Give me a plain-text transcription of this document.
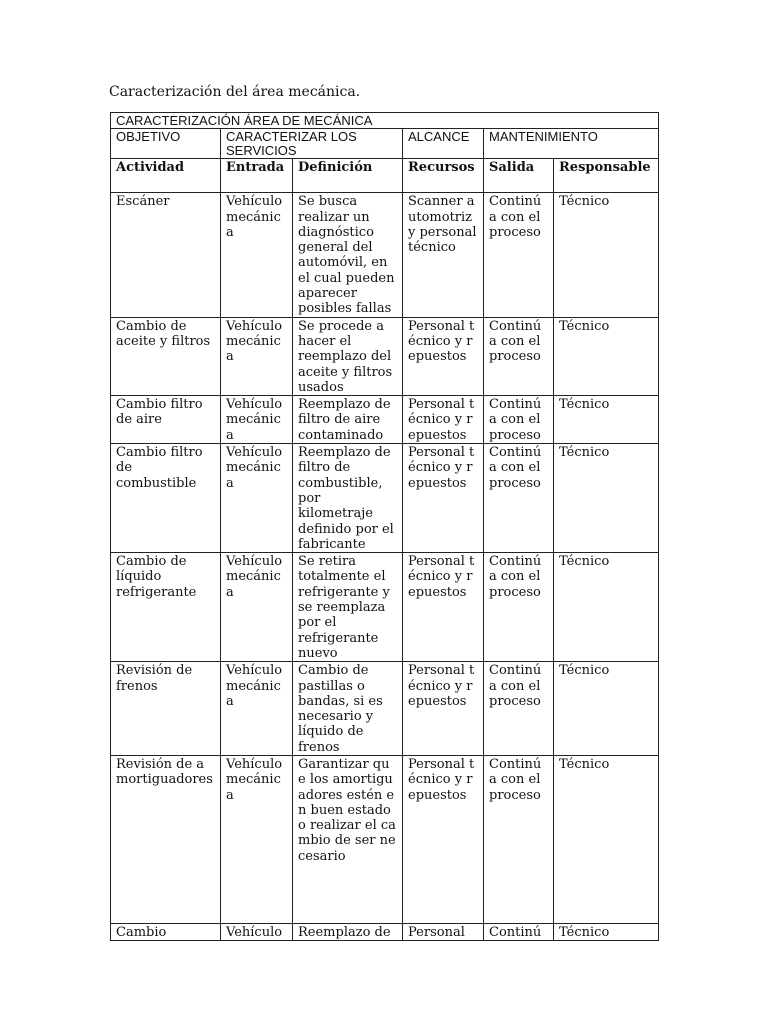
Caracterización del área mecánica.
CARACTERIZACIÓN ÁREA DE MECÁNICA					
OBJETIVO	CARACTERIZAR LOS SERVICIOS		ALCANCE	MANTENIMIENTO	
Actividad	Entrada	Definición	Recursos	Salida	Responsable
Escáner	Vehículo mecánica	Se busca realizar un diagnóstico general del automóvil, en el cual pueden aparecer posibles fallas	Scanner automotriz y personal técnico	Continúa con el proceso	Técnico
Cambio de aceite y filtros	Vehículo mecánica	Se procede a hacer el reemplazo del aceite y filtros usados	Personal técnico y repuestos	Continúa con el proceso	Técnico
Cambio filtro de aire	Vehículo mecánica	Reemplazo de filtro de aire contaminado	Personal técnico y repuestos	Continúa con el proceso	Técnico
Cambio filtro de combustible	Vehículo mecánica	Reemplazo de filtro de combustible, por kilometraje definido por el fabricante	Personal técnico y repuestos	Continúa con el proceso	Técnico
Cambio de líquido refrigerante	Vehículo mecánica	Se retira totalmente el refrigerante y se reemplaza por el refrigerante nuevo	Personal técnico y repuestos	Continúa con el proceso	Técnico
Revisión de frenos	Vehículo mecánica	Cambio de pastillas o bandas, si es necesario y líquido de frenos	Personal técnico y repuestos	Continúa con el proceso	Técnico
Revisión de amortiguadores	Vehículo mecánica	Garantizar que los amortiguadores estén en buen estado o realizar el cambio de ser necesario	Personal técnico y repuestos	Continúa con el proceso	Técnico
Cambio	Vehículo	Reemplazo de	Personal	Continú	Técnico
